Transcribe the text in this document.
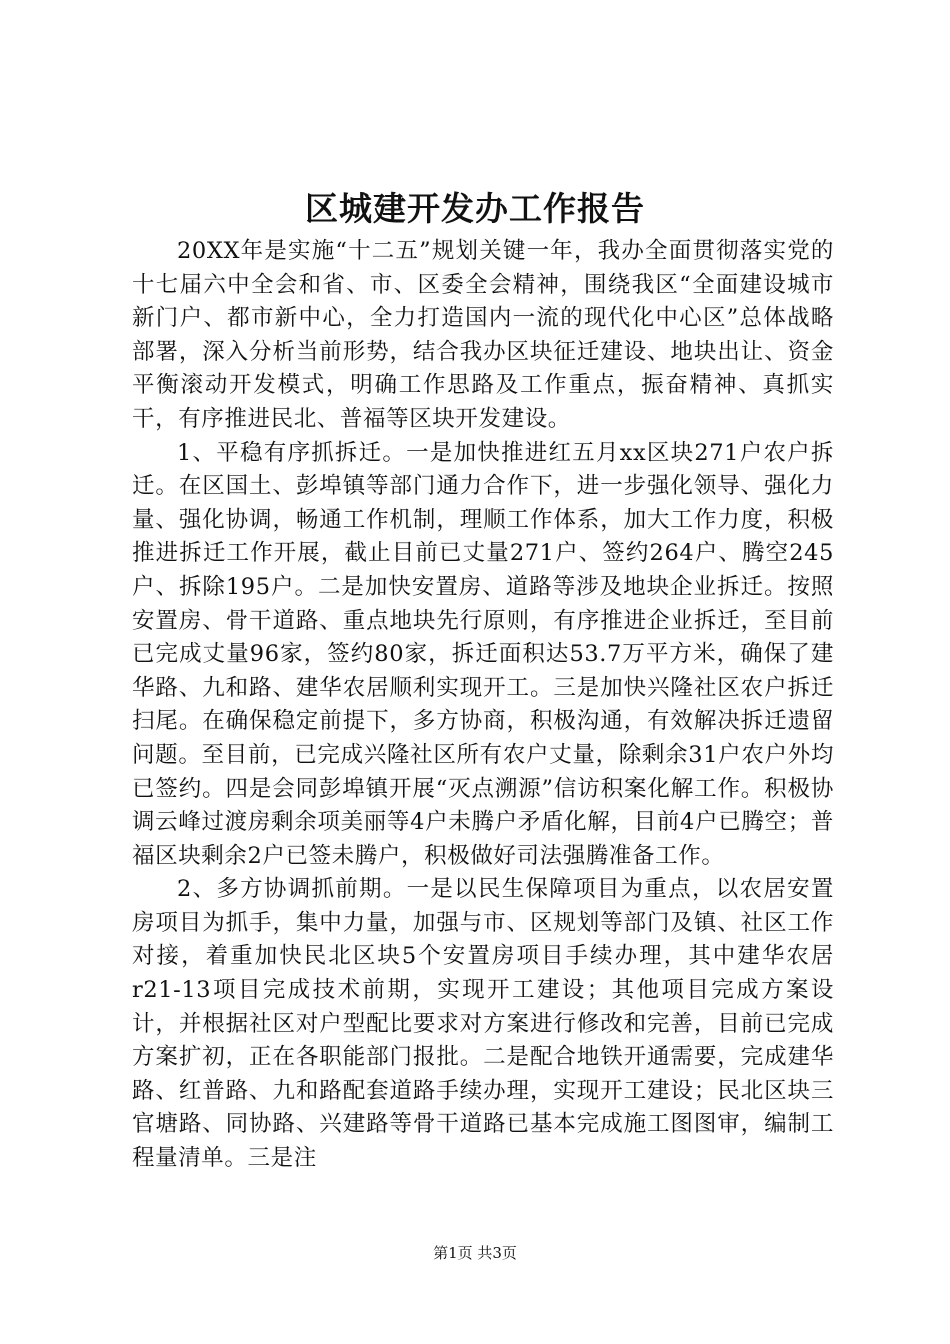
区城建开发办工作报告

20XX年是实施“十二五”规划关键一年，我办全面贯彻落实党的十七届六中全会和省、市、区委全会精神，围绕我区“全面建设城市新门户、都市新中心，全力打造国内一流的现代化中心区”总体战略部署，深入分析当前形势，结合我办区块征迁建设、地块出让、资金平衡滚动开发模式，明确工作思路及工作重点，振奋精神、真抓实干，有序推进民北、普福等区块开发建设。

1、平稳有序抓拆迁。一是加快推进红五月xx区块271户农户拆迁。在区国土、彭埠镇等部门通力合作下，进一步强化领导、强化力量、强化协调，畅通工作机制，理顺工作体系，加大工作力度，积极推进拆迁工作开展，截止目前已丈量271户、签约264户、腾空245户、拆除195户。二是加快安置房、道路等涉及地块企业拆迁。按照安置房、骨干道路、重点地块先行原则，有序推进企业拆迁，至目前已完成丈量96家，签约80家，拆迁面积达53.7万平方米，确保了建华路、九和路、建华农居顺利实现开工。三是加快兴隆社区农户拆迁扫尾。在确保稳定前提下，多方协商，积极沟通，有效解决拆迁遗留问题。至目前，已完成兴隆社区所有农户丈量，除剩余31户农户外均已签约。四是会同彭埠镇开展“灭点溯源”信访积案化解工作。积极协调云峰过渡房剩余项美丽等4户未腾户矛盾化解，目前4户已腾空；普福区块剩余2户已签未腾户，积极做好司法强腾准备工作。

2、多方协调抓前期。一是以民生保障项目为重点，以农居安置房项目为抓手，集中力量，加强与市、区规划等部门及镇、社区工作对接，着重加快民北区块5个安置房项目手续办理，其中建华农居r21-13项目完成技术前期，实现开工建设；其他项目完成方案设计，并根据社区对户型配比要求对方案进行修改和完善，目前已完成方案扩初，正在各职能部门报批。二是配合地铁开通需要，完成建华路、红普路、九和路配套道路手续办理，实现开工建设；民北区块三官塘路、同协路、兴建路等骨干道路已基本完成施工图图审，编制工程量清单。三是注

第1页 共3页
